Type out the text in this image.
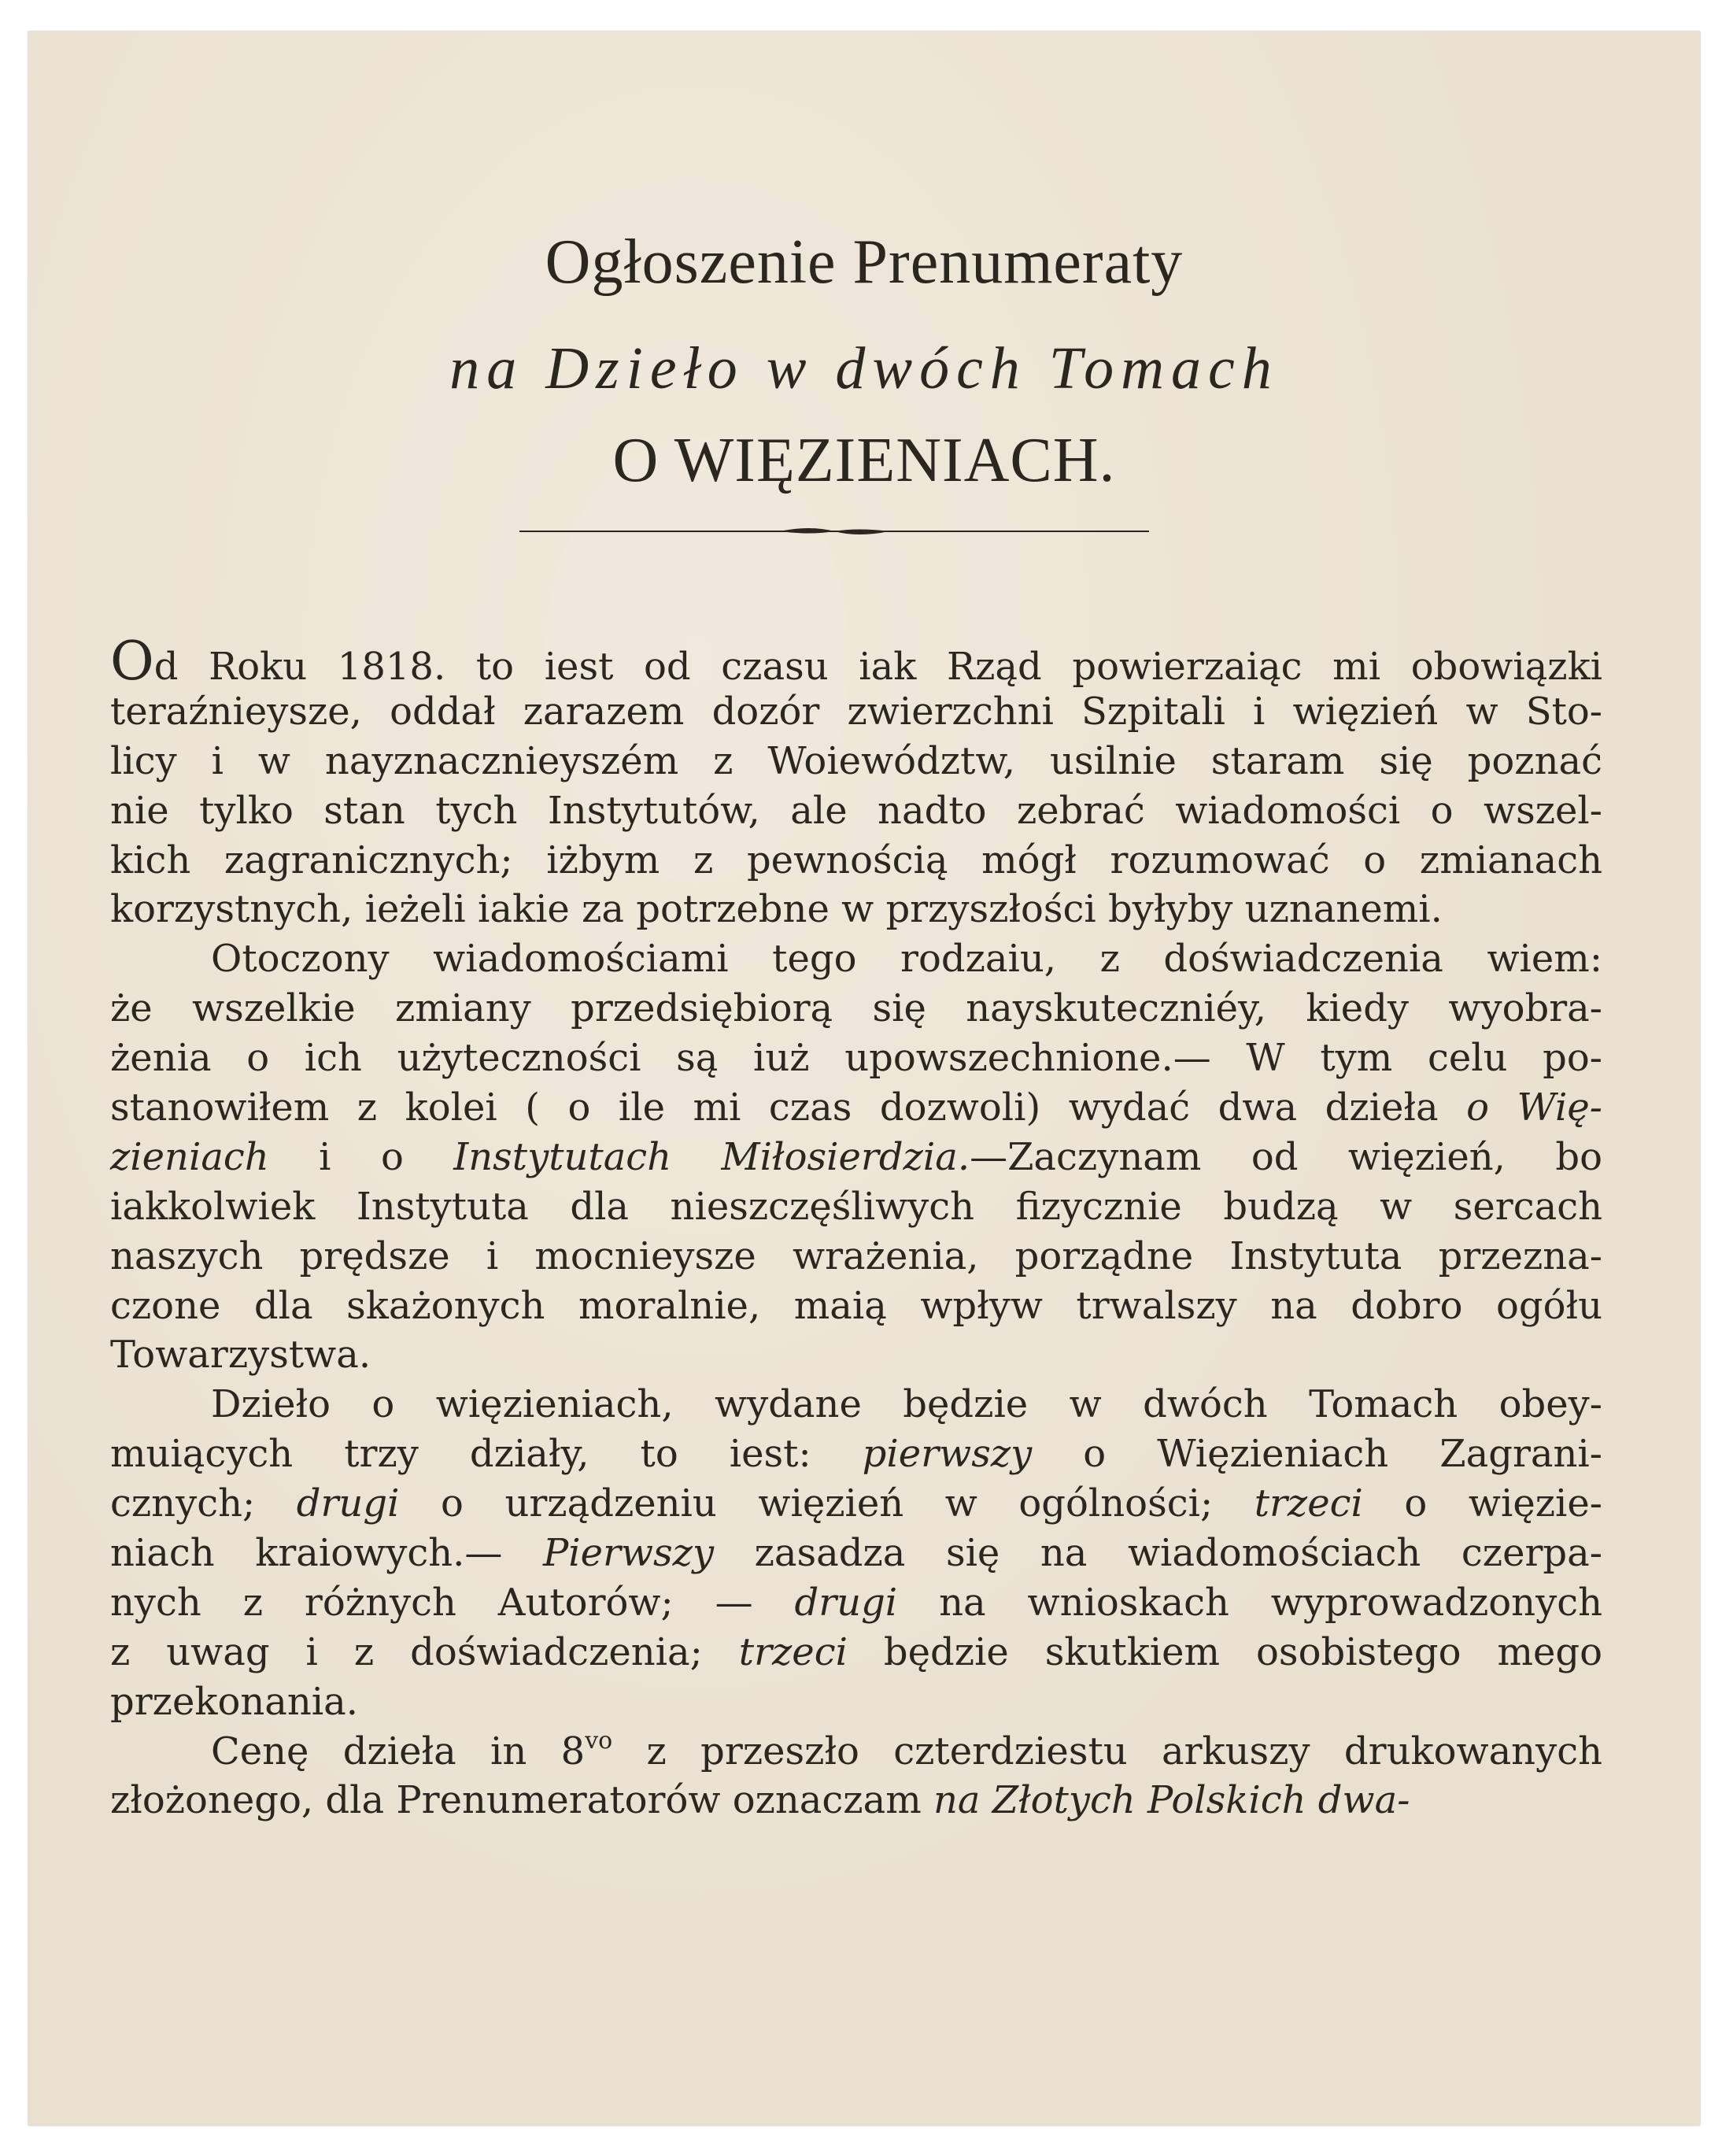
Ogłoszenie Prenumeraty
na Dzieło w dwóch Tomach
O WIĘZIENIACH.
Od Roku 1818. to iest od czasu iak Rząd powierzaiąc mi obowiązki
teraźnieysze, oddał zarazem dozór zwierzchni Szpitali i więzień w Sto-
licy i w nayznacznieyszém z Woiewództw, usilnie staram się poznać
nie tylko stan tych Instytutów, ale nadto zebrać wiadomości o wszel-
kich zagranicznych; iżbym z pewnością mógł rozumować o zmianach
korzystnych, ieżeli iakie za potrzebne w przyszłości byłyby uznanemi.
Otoczony wiadomościami tego rodzaiu, z doświadczenia wiem:
że wszelkie zmiany przedsiębiorą się nayskuteczniéy, kiedy wyobra-
żenia o ich użyteczności są iuż upowszechnione.— W tym celu po-
stanowiłem z kolei ( o ile mi czas dozwoli) wydać dwa dzieła o Wię-
zieniach i o Instytutach Miłosierdzia.—Zaczynam od więzień, bo
iakkolwiek Instytuta dla nieszczęśliwych fizycznie budzą w sercach
naszych prędsze i mocnieysze wrażenia, porządne Instytuta przezna-
czone dla skażonych moralnie, maią wpływ trwalszy na dobro ogółu
Towarzystwa.
Dzieło o więzieniach, wydane będzie w dwóch Tomach obey-
muiących trzy działy, to iest: pierwszy o Więzieniach Zagrani-
cznych; drugi o urządzeniu więzień w ogólności; trzeci o więzie-
niach kraiowych.— Pierwszy zasadza się na wiadomościach czerpa-
nych z różnych Autorów; — drugi na wnioskach wyprowadzonych
z uwag i z doświadczenia; trzeci będzie skutkiem osobistego mego
przekonania.
Cenę dzieła in $8^{vo}$ z przeszło czterdziestu arkuszy drukowanych
złożonego, dla Prenumeratorów oznaczam na Złotych Polskich dwa-
